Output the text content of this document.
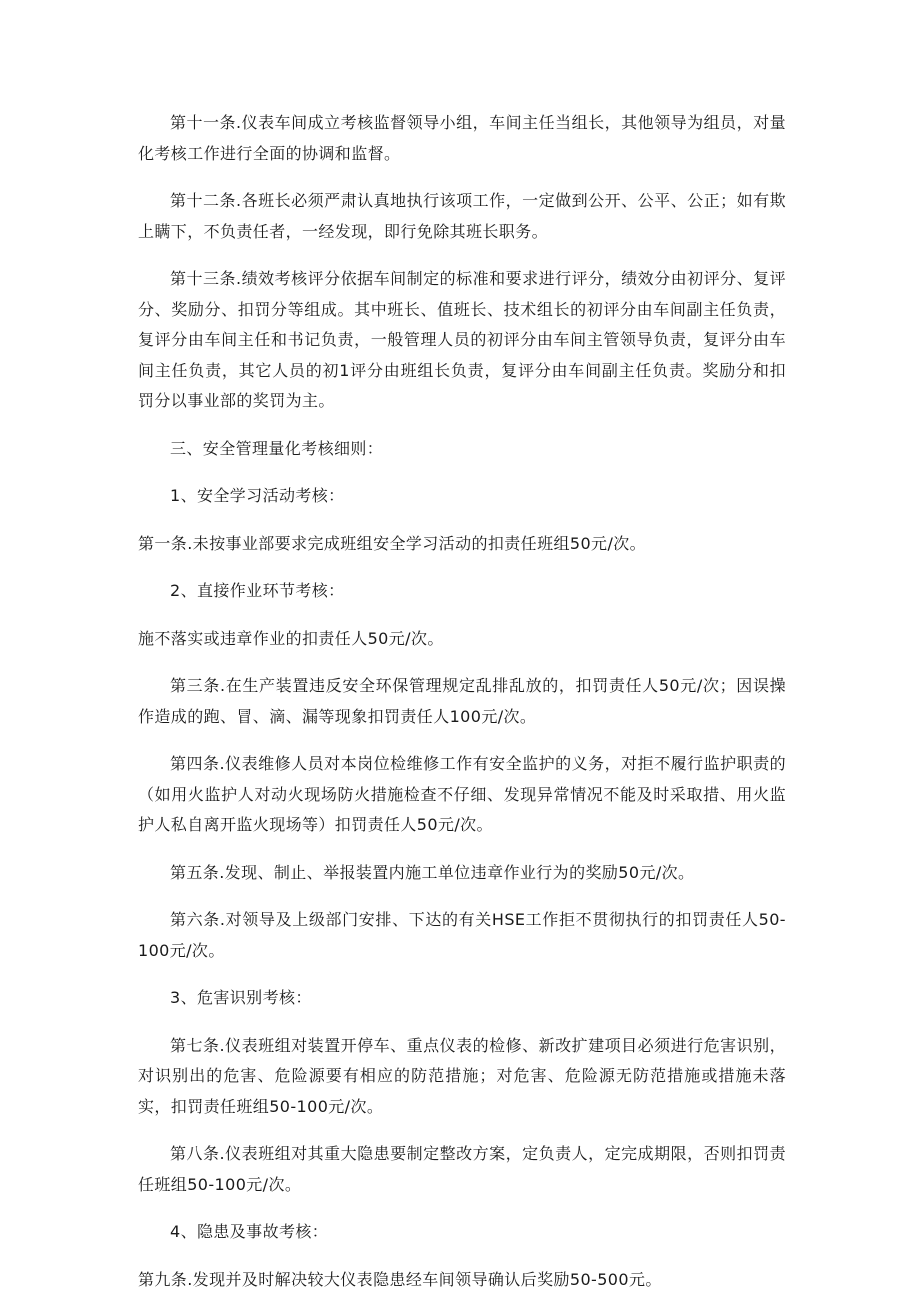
第十一条.仪表车间成立考核监督领导小组，车间主任当组长，其他领导为组员，对量化考核工作进行全面的协调和监督。

第十二条.各班长必须严肃认真地执行该项工作，一定做到公开、公平、公正；如有欺上瞒下，不负责任者，一经发现，即行免除其班长职务。

第十三条.绩效考核评分依据车间制定的标准和要求进行评分，绩效分由初评分、复评分、奖励分、扣罚分等组成。其中班长、值班长、技术组长的初评分由车间副主任负责，复评分由车间主任和书记负责，一般管理人员的初评分由车间主管领导负责，复评分由车间主任负责，其它人员的初1评分由班组长负责，复评分由车间副主任负责。奖励分和扣罚分以事业部的奖罚为主。

三、安全管理量化考核细则：

1、安全学习活动考核：

第一条.未按事业部要求完成班组安全学习活动的扣责任班组50元/次。

2、直接作业环节考核：

施不落实或违章作业的扣责任人50元/次。

第三条.在生产装置违反安全环保管理规定乱排乱放的，扣罚责任人50元/次；因误操作造成的跑、冒、滴、漏等现象扣罚责任人100元/次。

第四条.仪表维修人员对本岗位检维修工作有安全监护的义务，对拒不履行监护职责的（如用火监护人对动火现场防火措施检查不仔细、发现异常情况不能及时采取措、用火监护人私自离开监火现场等）扣罚责任人50元/次。

第五条.发现、制止、举报装置内施工单位违章作业行为的奖励50元/次。

第六条.对领导及上级部门安排、下达的有关HSE工作拒不贯彻执行的扣罚责任人50-100元/次。

3、危害识别考核：

第七条.仪表班组对装置开停车、重点仪表的检修、新改扩建项目必须进行危害识别，对识别出的危害、危险源要有相应的防范措施；对危害、危险源无防范措施或措施未落实，扣罚责任班组50-100元/次。

第八条.仪表班组对其重大隐患要制定整改方案，定负责人，定完成期限，否则扣罚责任班组50-100元/次。

4、隐患及事故考核：

第九条.发现并及时解决较大仪表隐患经车间领导确认后奖励50-500元。
